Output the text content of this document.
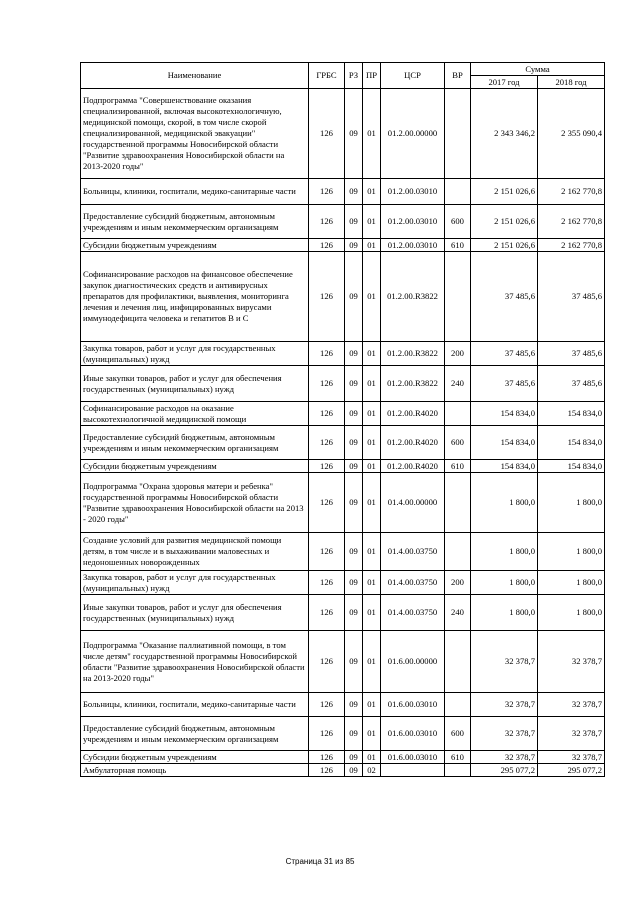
Наименование	ГРБС	РЗ	ПР	ЦСР	ВР	Сумма	
						2017 год	2018 год
Подпрограмма "Совершенствование оказания специализированной, включая высокотехнологичную, медицинской помощи, скорой, в том числе скорой специализированной, медицинской эвакуации" государственной программы Новосибирской области "Развитие здравоохранения Новосибирской области на 2013-2020 годы"	126	09	01	01.2.00.00000		2 343 346,2	2 355 090,4
Больницы, клиники, госпитали, медико-санитарные части	126	09	01	01.2.00.03010		2 151 026,6	2 162 770,8
Предоставление субсидий бюджетным, автономным учреждениям и иным некоммерческим организациям	126	09	01	01.2.00.03010	600	2 151 026,6	2 162 770,8
Субсидии бюджетным учреждениям	126	09	01	01.2.00.03010	610	2 151 026,6	2 162 770,8
Софинансирование расходов на финансовое обеспечение закупок диагностических средств и антивирусных препаратов для профилактики, выявления, мониторинга лечения и лечения лиц, инфицированных вирусами иммунодефицита человека и гепатитов В и С	126	09	01	01.2.00.R3822		37 485,6	37 485,6
Закупка товаров, работ и услуг для государственных (муниципальных) нужд	126	09	01	01.2.00.R3822	200	37 485,6	37 485,6
Иные закупки товаров, работ и услуг для обеспечения государственных (муниципальных) нужд	126	09	01	01.2.00.R3822	240	37 485,6	37 485,6
Софинансирование расходов на оказание высокотехнологичной медицинской помощи	126	09	01	01.2.00.R4020		154 834,0	154 834,0
Предоставление субсидий бюджетным, автономным учреждениям и иным некоммерческим организациям	126	09	01	01.2.00.R4020	600	154 834,0	154 834,0
Субсидии бюджетным учреждениям	126	09	01	01.2.00.R4020	610	154 834,0	154 834,0
Подпрограмма "Охрана здоровья матери и ребенка" государственной программы Новосибирской области "Развитие здравоохранения Новосибирской области на 2013 - 2020 годы"	126	09	01	01.4.00.00000		1 800,0	1 800,0
Создание условий для развития медицинской помощи детям, в том числе и в выхаживании маловесных и недоношенных новорожденных	126	09	01	01.4.00.03750		1 800,0	1 800,0
Закупка товаров, работ и услуг для государственных (муниципальных) нужд	126	09	01	01.4.00.03750	200	1 800,0	1 800,0
Иные закупки товаров, работ и услуг для обеспечения государственных (муниципальных) нужд	126	09	01	01.4.00.03750	240	1 800,0	1 800,0
Подпрограмма "Оказание паллиативной помощи, в том числе детям" государственной программы Новосибирской области "Развитие здравоохранения Новосибирской области на 2013-2020 годы"	126	09	01	01.6.00.00000		32 378,7	32 378,7
Больницы, клиники, госпитали, медико-санитарные части	126	09	01	01.6.00.03010		32 378,7	32 378,7
Предоставление субсидий бюджетным, автономным учреждениям и иным некоммерческим организациям	126	09	01	01.6.00.03010	600	32 378,7	32 378,7
Субсидии бюджетным учреждениям	126	09	01	01.6.00.03010	610	32 378,7	32 378,7
Амбулаторная помощь	126	09	02			295 077,2	295 077,2
Страница 31 из 85
